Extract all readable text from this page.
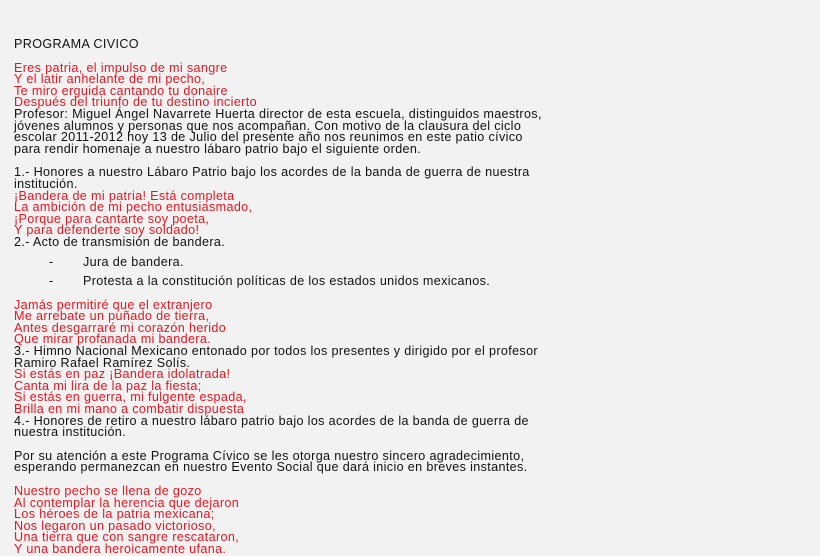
PROGRAMA CIVICO
Eres patria, el impulso de mi sangre
Y el latir anhelante de mi pecho,
Te miro erguida cantando tu donaire
Después del triunfo de tu destino incierto
Profesor: Miguel Ángel Navarrete Huerta director de esta escuela, distinguidos maestros,
jóvenes alumnos y personas que nos acompañan. Con motivo de la clausura del ciclo
escolar 2011-2012 hoy 13 de Julio del presente año nos reunimos en este patio cívico
para rendir homenaje a nuestro lábaro patrio bajo el siguiente orden.
1.- Honores a nuestro Lábaro Patrio bajo los acordes de la banda de guerra de nuestra
institución.
¡Bandera de mi patria! Está completa
La ambición de mi pecho entusiasmado,
¡Porque para cantarte soy poeta,
Y para defenderte soy soldado!
2.- Acto de transmisión de bandera.
- Jura de bandera.
- Protesta a la constitución políticas de los estados unidos mexicanos.
Jamás permitiré que el extranjero
Me arrebate un puñado de tierra,
Antes desgarraré mi corazón herido
Que mirar profanada mi bandera.
3.- Himno Nacional Mexicano entonado por todos los presentes y dirigido por el profesor
Ramiro Rafael Ramírez Solís.
Si estás en paz ¡Bandera idolatrada!
Canta mi lira de la paz la fiesta;
Si estás en guerra, mi fulgente espada,
Brilla en mi mano a combatir dispuesta
4.- Honores de retiro a nuestro lábaro patrio bajo los acordes de la banda de guerra de
nuestra institución.
Por su atención a este Programa Cívico se les otorga nuestro sincero agradecimiento,
esperando permanezcan en nuestro Evento Social que dará inicio en breves instantes.
Nuestro pecho se llena de gozo
Al contemplar la herencia que dejaron
Los héroes de la patria mexicana;
Nos legaron un pasado victorioso,
Una tierra que con sangre rescataron,
Y una bandera heroicamente ufana.
